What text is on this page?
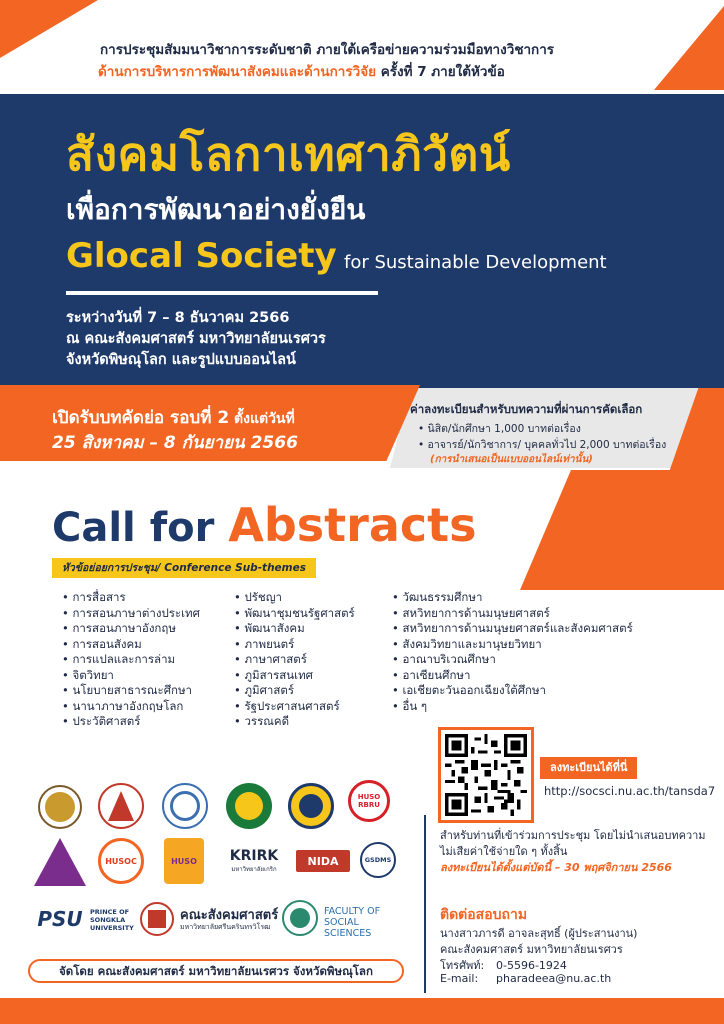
การประชุมสัมมนาวิชาการระดับชาติ ภายใต้เครือข่ายความร่วมมือทางวิชาการ
ด้านการบริหารการพัฒนาสังคมและด้านการวิจัย ครั้งที่ 7 ภายใต้หัวข้อ
สังคมโลกาเทศาภิวัตน์
เพื่อการพัฒนาอย่างยั่งยืน
Glocal Society for Sustainable Development
ระหว่างวันที่ 7 – 8 ธันวาคม 2566
ณ คณะสังคมศาสตร์ มหาวิทยาลัยนเรศวร
จังหวัดพิษณุโลก และรูปแบบออนไลน์
เปิดรับบทคัดย่อ รอบที่ 2 ตั้งแต่วันที่
25 สิงหาคม – 8 กันยายน 2566
ค่าลงทะเบียนสำหรับบทความที่ผ่านการคัดเลือก
• นิสิต/นักศึกษา 1,000 บาทต่อเรื่อง
• อาจารย์/นักวิชาการ/ บุคคลทั่วไป 2,000 บาทต่อเรื่อง
(การนำเสนอเป็นแบบออนไลน์เท่านั้น)
Call for Abstracts
หัวข้อย่อยการประชุม/ Conference Sub-themes
• การสื่อสาร
• การสอนภาษาต่างประเทศ
• การสอนภาษาอังกฤษ
• การสอนสังคม
• การแปลและการล่าม
• จิตวิทยา
• นโยบายสาธารณะศึกษา
• นานาภาษาอังกฤษโลก
• ประวัติศาสตร์
• ปรัชญา
• พัฒนาชุมชนรัฐศาสตร์
• พัฒนาสังคม
• ภาพยนตร์
• ภาษาศาสตร์
• ภูมิสารสนเทศ
• ภูมิศาสตร์
• รัฐประศาสนศาสตร์
• วรรณคดี
• วัฒนธรรมศึกษา
• สหวิทยาการด้านมนุษยศาสตร์
• สหวิทยาการด้านมนุษยศาสตร์และสังคมศาสตร์
• สังคมวิทยาและมานุษยวิทยา
• อาณาบริเวณศึกษา
• อาเซียนศึกษา
• เอเชียตะวันออกเฉียงใต้ศึกษา
• อื่น ๆ
ลงทะเบียนได้ที่นี่
http://socsci.nu.ac.th/tansda7
HUSO RBRU
HUSOC	HUSO	KRIRK
มหาวิทยาลัยเกริก
NIDA	GSDMS
PSU	PRINCE OF SONGKLA UNIVERSITY
คณะสังคมศาสตร์
มหาวิทยาลัยศรีนครินทรวิโรฒ
FACULTY OF SOCIAL SCIENCES
สำหรับท่านที่เข้าร่วมการประชุม โดยไม่นำเสนอบทความ
ไม่เสียค่าใช้จ่ายใด ๆ ทั้งสิ้น
ลงทะเบียนได้ตั้งแต่บัดนี้ – 30 พฤศจิกายน 2566
ติดต่อสอบถาม
นางสาวภารดี อาจละสุทธิ์ (ผู้ประสานงาน)
คณะสังคมศาสตร์ มหาวิทยาลัยนเรศวร
โทรศัพท์: 0-5596-1924
E-mail: pharadeea@nu.ac.th
จัดโดย คณะสังคมศาสตร์ มหาวิทยาลัยนเรศวร จังหวัดพิษณุโลก
